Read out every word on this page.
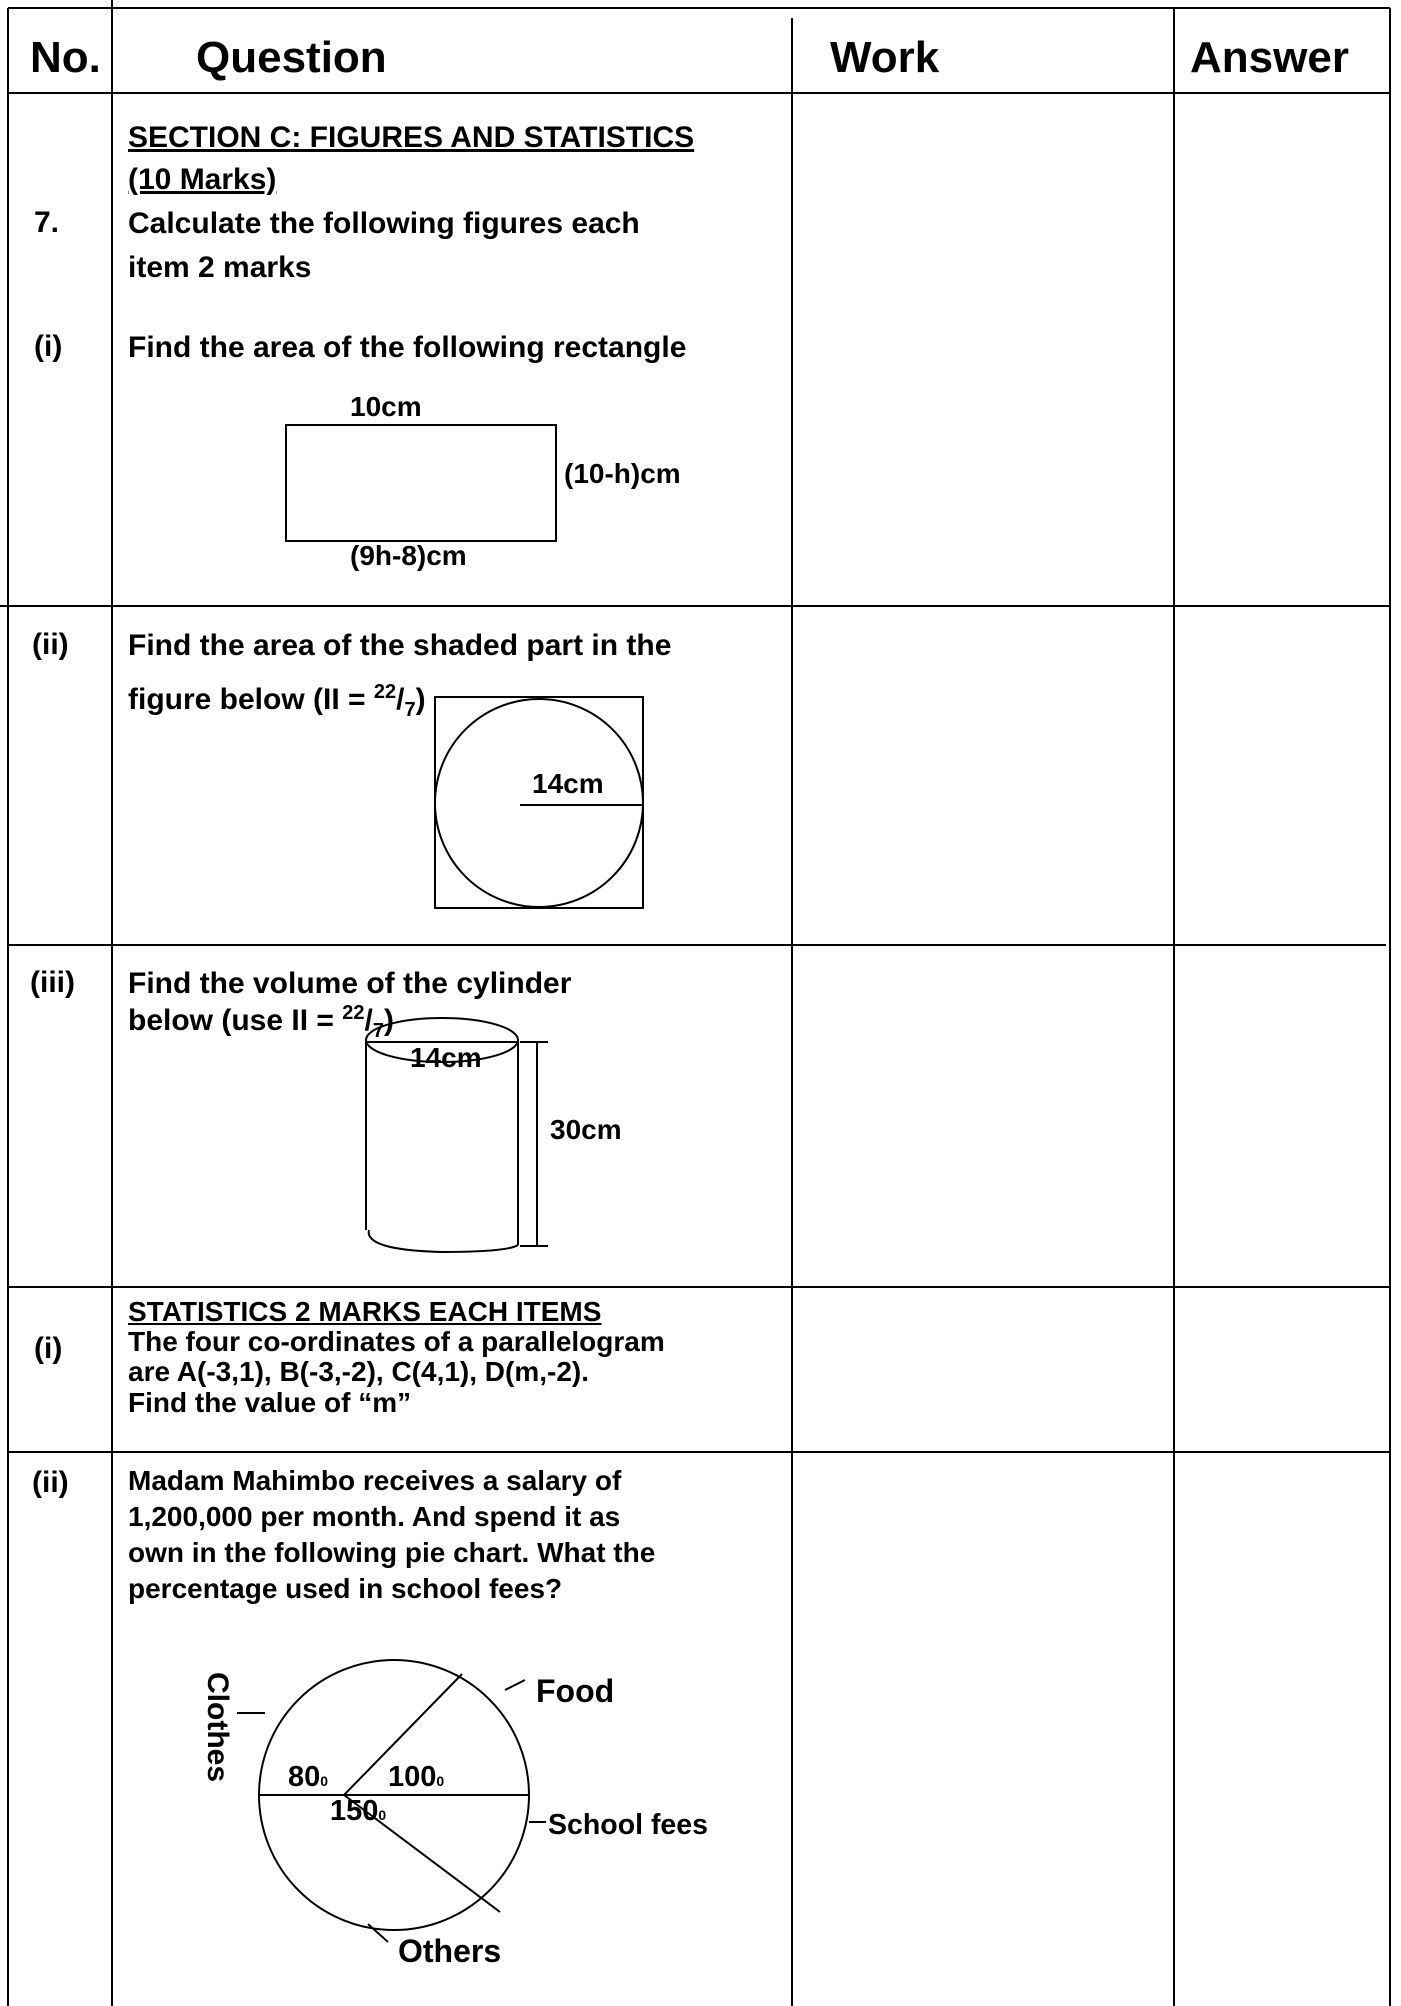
No. Question	Work	Answer
SECTION C: FIGURES AND STATISTICS
(10 Marks)
7. Calculate the following figures each
item 2 marks
(i) Find the area of the following rectangle
10cm
(10-h)cm
(9h-8)cm
(ii) Find the area of the shaded part in the
figure below $(II = ^{22}/_7)$
14cm
(iii) Find the volume of the cylinder
below (use II = $^{22}/_7$)
14cm
30cm
STATISTICS 2 MARKS EACH ITEMS
(i) The four co-ordinates of a parallelogram
are A(-3,1), B(-3,-2), C(4,1), D(m,-2).
Find the value of “m”
(ii) Madam Mahimbo receives a salary of
1,200,000 per month. And spend it as
own in the following pie chart. What the
percentage used in school fees?
Clothes	Food
School fees
Others
800 1000
1500
